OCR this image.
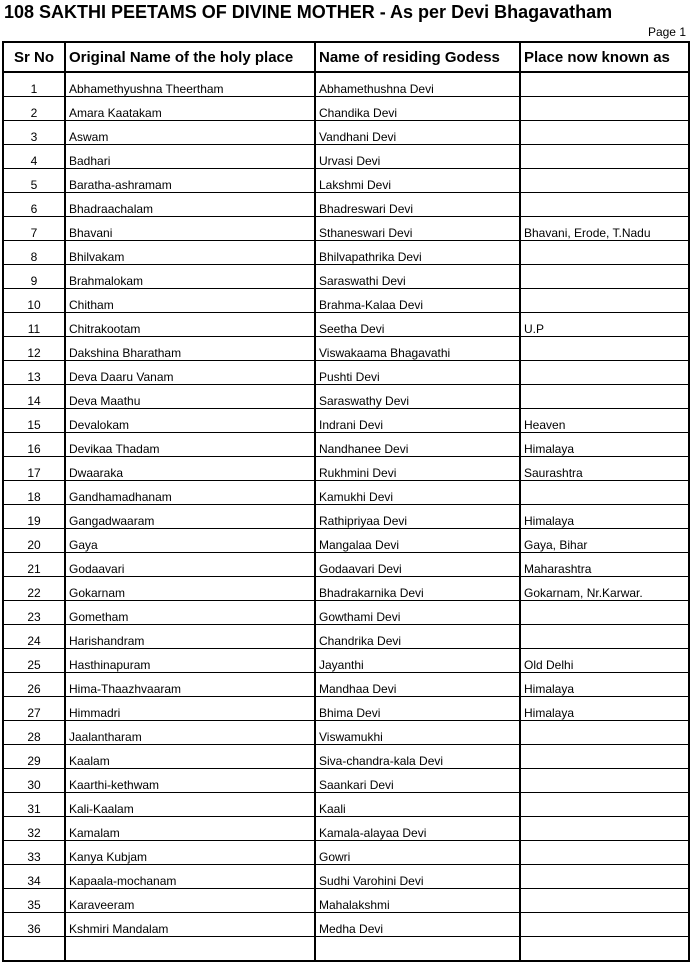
108 SAKTHI PEETAMS OF DIVINE MOTHER - As per Devi Bhagavatham
Page 1
Sr No	Original Name of the holy place	Name of residing Godess	Place now known as
1	Abhamethyushna Theertham	Abhamethushna Devi	
2	Amara Kaatakam	Chandika Devi	
3	Aswam	Vandhani Devi	
4	Badhari	Urvasi Devi	
5	Baratha-ashramam	Lakshmi Devi	
6	Bhadraachalam	Bhadreswari Devi	
7	Bhavani	Sthaneswari Devi	Bhavani, Erode, T.Nadu
8	Bhilvakam	Bhilvapathrika Devi	
9	Brahmalokam	Saraswathi Devi	
10	Chitham	Brahma-Kalaa Devi	
11	Chitrakootam	Seetha Devi	U.P
12	Dakshina Bharatham	Viswakaama Bhagavathi	
13	Deva Daaru Vanam	Pushti Devi	
14	Deva Maathu	Saraswathy Devi	
15	Devalokam	Indrani Devi	Heaven
16	Devikaa Thadam	Nandhanee Devi	Himalaya
17	Dwaaraka	Rukhmini Devi	Saurashtra
18	Gandhamadhanam	Kamukhi Devi	
19	Gangadwaaram	Rathipriyaa Devi	Himalaya
20	Gaya	Mangalaa Devi	Gaya, Bihar
21	Godaavari	Godaavari Devi	Maharashtra
22	Gokarnam	Bhadrakarnika Devi	Gokarnam, Nr.Karwar.
23	Gometham	Gowthami Devi	
24	Harishandram	Chandrika Devi	
25	Hasthinapuram	Jayanthi	Old Delhi
26	Hima-Thaazhvaaram	Mandhaa Devi	Himalaya
27	Himmadri	Bhima Devi	Himalaya
28	Jaalantharam	Viswamukhi	
29	Kaalam	Siva-chandra-kala Devi	
30	Kaarthi-kethwam	Saankari Devi	
31	Kali-Kaalam	Kaali	
32	Kamalam	Kamala-alayaa Devi	
33	Kanya Kubjam	Gowri	
34	Kapaala-mochanam	Sudhi Varohini Devi	
35	Karaveeram	Mahalakshmi	
36	Kshmiri Mandalam	Medha Devi	
